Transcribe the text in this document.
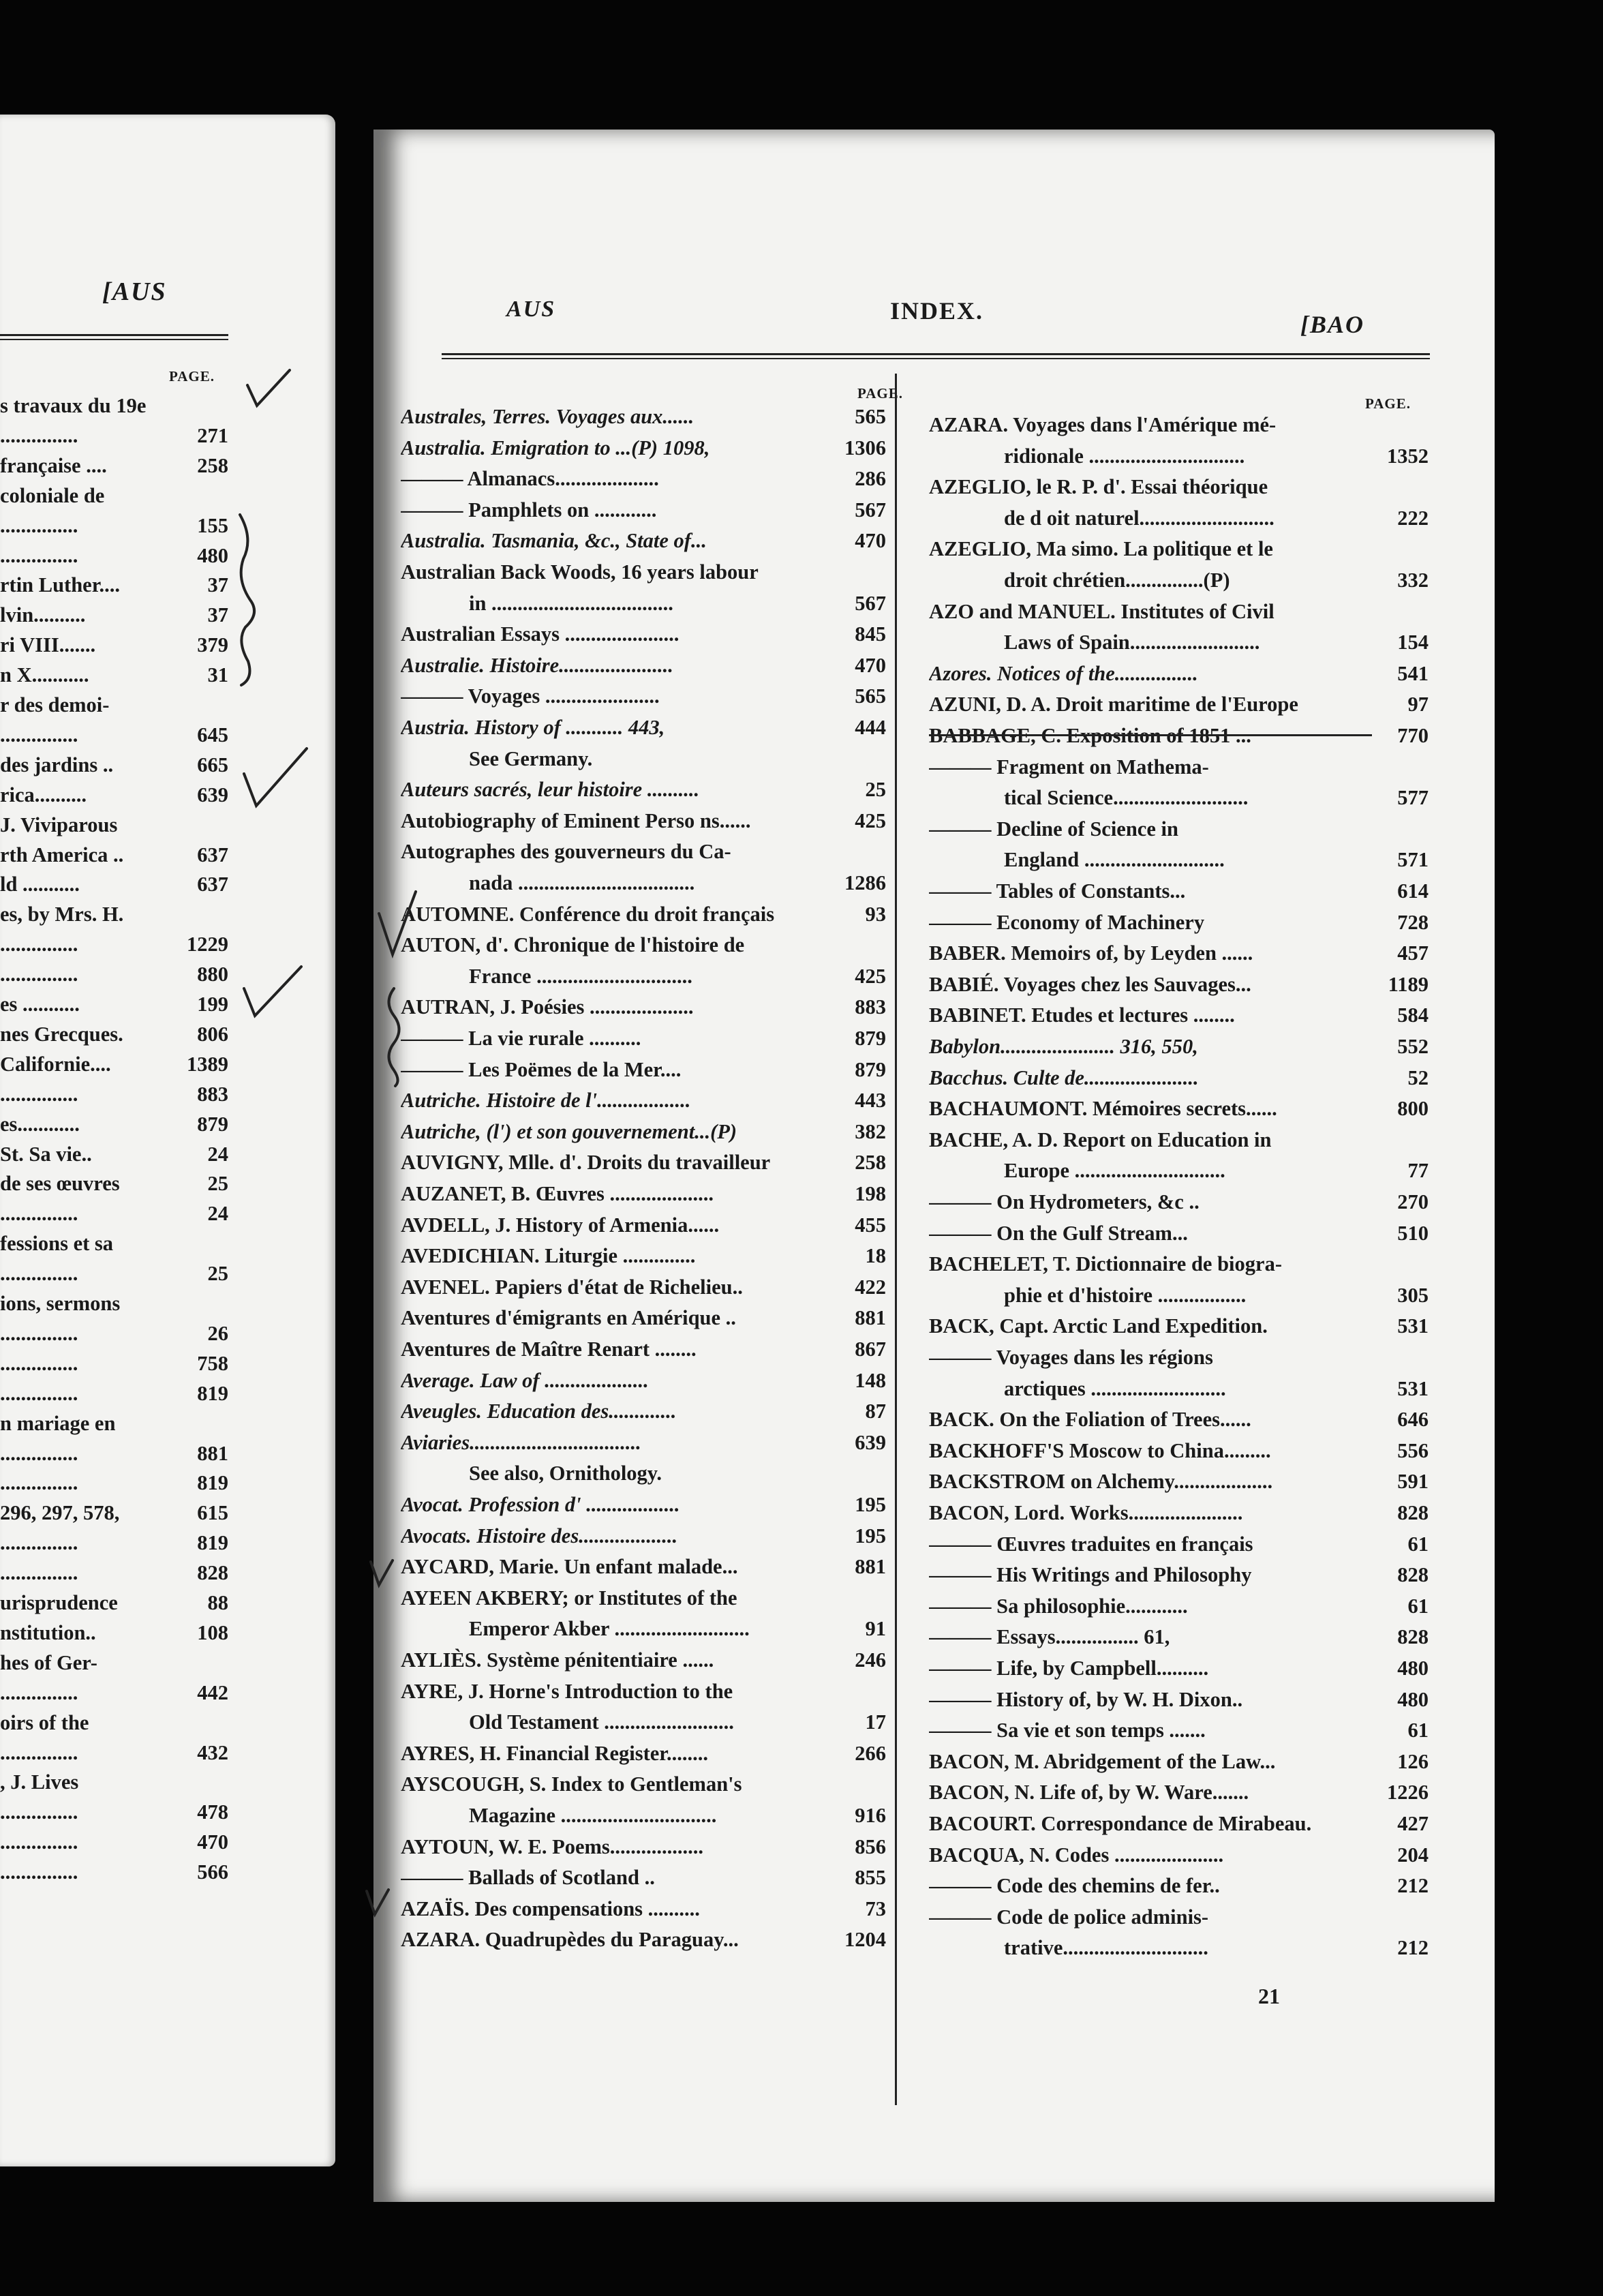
[AUS
PAGE.
s travaux du 19e
...............	271
française ....	258
coloniale de
...............	155
...............	480
rtin Luther....	37
lvin..........	37
ri VIII.......	379
n X...........	31
r des demoi-
...............	645
des jardins ..	665
rica..........	639
J. Viviparous
rth America ..	637
ld ...........	637
es, by Mrs. H.
...............	1229
...............	880
es ...........	199
nes Grecques.	806
Californie....	1389
...............	883
es............	879
St. Sa vie..	24
de ses œuvres	25
...............	24
fessions et sa
...............	25
ions, sermons
...............	26
...............	758
...............	819
n mariage en
...............	881
...............	819
296, 297, 578,	615
...............	819
...............	828
urisprudence	88
nstitution..	108
hes of Ger-
...............	442
oirs of the
...............	432
, J. Lives
...............	478
...............	470
...............	566
AUS	INDEX.	[BAO
PAGE.
PAGE.
Australes, Terres. Voyages aux......	565
Australia. Emigration to ...(P) 1098,	1306
——— Almanacs....................	286
——— Pamphlets on ............	567
Australia. Tasmania, &c., State of...	470
Australian Back Woods, 16 years labour
in ...................................	567
Australian Essays ......................	845
Australie. Histoire......................	470
——— Voyages ......................	565
Austria. History of ........... 443,	444
See Germany.
Auteurs sacrés, leur histoire ..........	25
Autobiography of Eminent Perso ns......	425
Autographes des gouverneurs du Ca-
nada ..................................	1286
AUTOMNE. Conférence du droit français	93
AUTON, d'. Chronique de l'histoire de
France ..............................	425
AUTRAN, J. Poésies ....................	883
——— La vie rurale ..........	879
——— Les Poëmes de la Mer....	879
Autriche. Histoire de l'..................	443
Autriche, (l') et son gouvernement...(P)	382
AUVIGNY, Mlle. d'. Droits du travailleur	258
AUZANET, B. Œuvres ....................	198
AVDELL, J. History of Armenia......	455
AVEDICHIAN. Liturgie ..............	18
AVENEL. Papiers d'état de Richelieu..	422
Aventures d'émigrants en Amérique ..	881
Aventures de Maître Renart ........	867
Average. Law of ....................	148
Aveugles. Education des.............	87
Aviaries.................................	639
See also, Ornithology.
Avocat. Profession d' ..................	195
Avocats. Histoire des...................	195
AYCARD, Marie. Un enfant malade...	881
AYEEN AKBERY; or Institutes of the
Emperor Akber ..........................	91
AYLIÈS. Système pénitentiaire ......	246
AYRE, J. Horne's Introduction to the
Old Testament .........................	17
AYRES, H. Financial Register........	266
AYSCOUGH, S. Index to Gentleman's
Magazine ..............................	916
AYTOUN, W. E. Poems..................	856
——— Ballads of Scotland ..	855
AZAÏS. Des compensations ..........	73
AZARA. Quadrupèdes du Paraguay...	1204
AZARA. Voyages dans l'Amérique mé-
ridionale ..............................	1352
AZEGLIO, le R. P. d'. Essai théorique
de d oit naturel..........................	222
AZEGLIO, Ma simo. La politique et le
droit chrétien...............(P)	332
AZO and MANUEL. Institutes of Civil
Laws of Spain.........................	154
Azores. Notices of the................	541
AZUNI, D. A. Droit maritime de l'Europe	97
BABBAGE, C. Exposition of 1851 ...	770
——— Fragment on Mathema-
tical Science..........................	577
——— Decline of Science in
England ...........................	571
——— Tables of Constants...	614
——— Economy of Machinery	728
BABER. Memoirs of, by Leyden ......	457
BABIÉ. Voyages chez les Sauvages...	1189
BABINET. Etudes et lectures ........	584
Babylon...................... 316, 550,	552
Bacchus. Culte de......................	52
BACHAUMONT. Mémoires secrets......	800
BACHE, A. D. Report on Education in
Europe .............................	77
——— On Hydrometers, &c ..	270
——— On the Gulf Stream...	510
BACHELET, T. Dictionnaire de biogra-
phie et d'histoire .................	305
BACK, Capt. Arctic Land Expedition.	531
——— Voyages dans les régions
arctiques ..........................	531
BACK. On the Foliation of Trees......	646
BACKHOFF'S Moscow to China.........	556
BACKSTROM on Alchemy...................	591
BACON, Lord. Works......................	828
——— Œuvres traduites en français	61
——— His Writings and Philosophy	828
——— Sa philosophie............	61
——— Essays................ 61,	828
——— Life, by Campbell..........	480
——— History of, by W. H. Dixon..	480
——— Sa vie et son temps .......	61
BACON, M. Abridgement of the Law...	126
BACON, N. Life of, by W. Ware.......	1226
BACOURT. Correspondance de Mirabeau.	427
BACQUA, N. Codes .....................	204
——— Code des chemins de fer..	212
——— Code de police adminis-
trative............................	212
21
